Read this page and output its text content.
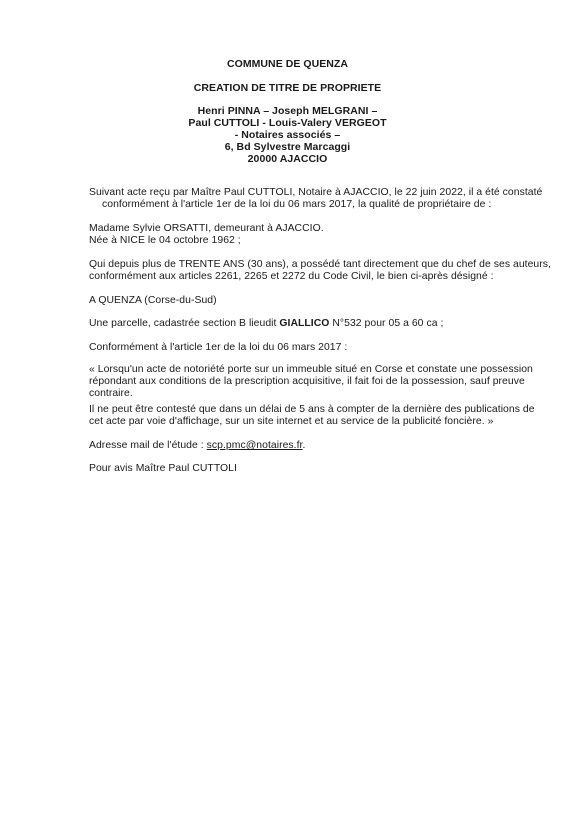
COMMUNE DE QUENZA
CREATION DE TITRE DE PROPRIETE
Henri PINNA – Joseph MELGRANI –
Paul CUTTOLI - Louis-Valery VERGEOT
- Notaires associés –
6, Bd Sylvestre Marcaggi
20000 AJACCIO
Suivant acte reçu par Maître Paul CUTTOLI, Notaire à AJACCIO, le 22 juin 2022, il a été constaté
conformément à l'article 1er de la loi du 06 mars 2017, la qualité de propriétaire de :
Madame Sylvie ORSATTI, demeurant à AJACCIO.
Née à NICE le 04 octobre 1962 ;
Qui depuis plus de TRENTE ANS (30 ans), a possédé tant directement que du chef de ses auteurs,
conformément aux articles 2261, 2265 et 2272 du Code Civil, le bien ci-après désigné :
A QUENZA (Corse-du-Sud)
Une parcelle, cadastrée section B lieudit GIALLICO N°532 pour 05 a 60 ca ;
Conformément à l'article 1er de la loi du 06 mars 2017 :
« Lorsqu'un acte de notoriété porte sur un immeuble situé en Corse et constate une possession
répondant aux conditions de la prescription acquisitive, il fait foi de la possession, sauf preuve
contraire.
Il ne peut être contesté que dans un délai de 5 ans à compter de la dernière des publications de
cet acte par voie d'affichage, sur un site internet et au service de la publicité foncière. »
Adresse mail de l'étude : scp.pmc@notaires.fr.
Pour avis Maître Paul CUTTOLI
